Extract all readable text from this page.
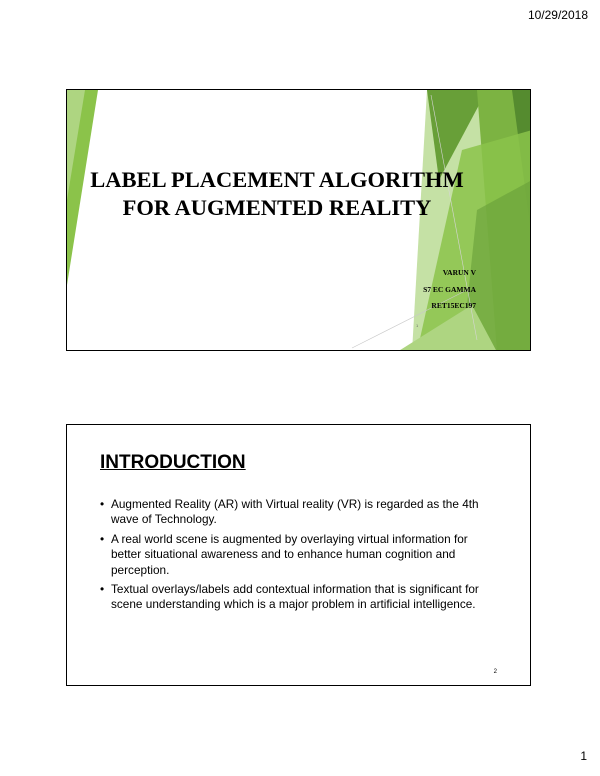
10/29/2018
LABEL PLACEMENT ALGORITHM
FOR AUGMENTED REALITY
VARUN V
S7 EC GAMMA
RET15EC197
1
INTRODUCTION
• Augmented Reality (AR) with Virtual reality (VR) is regarded as the 4th wave of Technology.
• A real world scene is augmented by overlaying virtual information for better situational awareness and to enhance human cognition and perception.
• Textual overlays/labels add contextual information that is significant for scene understanding which is a major problem in artificial intelligence.
2
1
